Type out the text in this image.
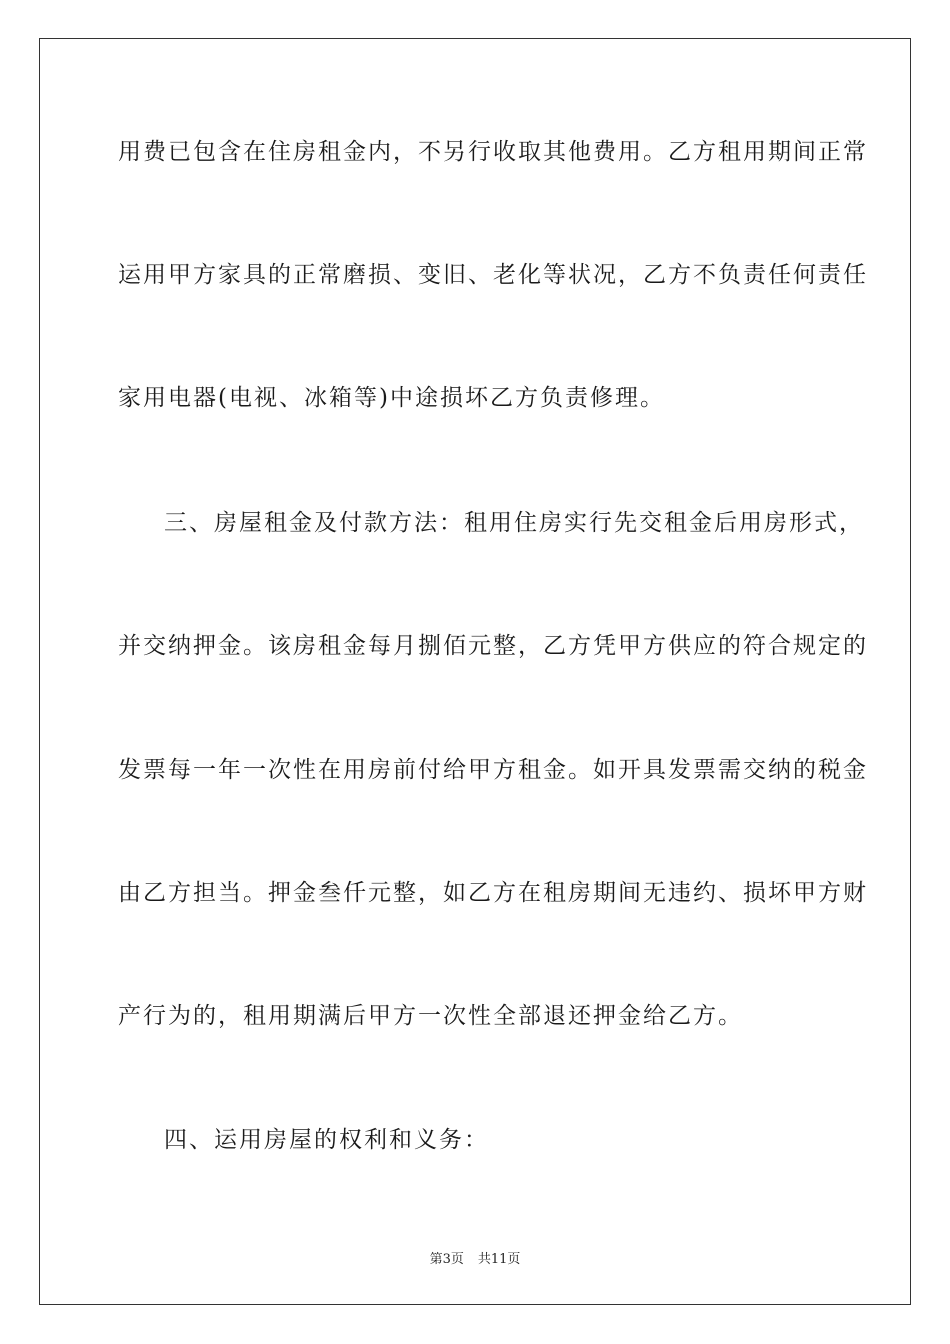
用费已包含在住房租金内，不另行收取其他费用。乙方租用期间正常
运用甲方家具的正常磨损、变旧、老化等状况，乙方不负责任何责任
家用电器(电视、冰箱等)中途损坏乙方负责修理。
三、房屋租金及付款方法：租用住房实行先交租金后用房形式，
并交纳押金。该房租金每月捌佰元整，乙方凭甲方供应的符合规定的
发票每一年一次性在用房前付给甲方租金。如开具发票需交纳的税金
由乙方担当。押金叁仟元整，如乙方在租房期间无违约、损坏甲方财
产行为的，租用期满后甲方一次性全部退还押金给乙方。
四、运用房屋的权利和义务：
第3页 共11页
